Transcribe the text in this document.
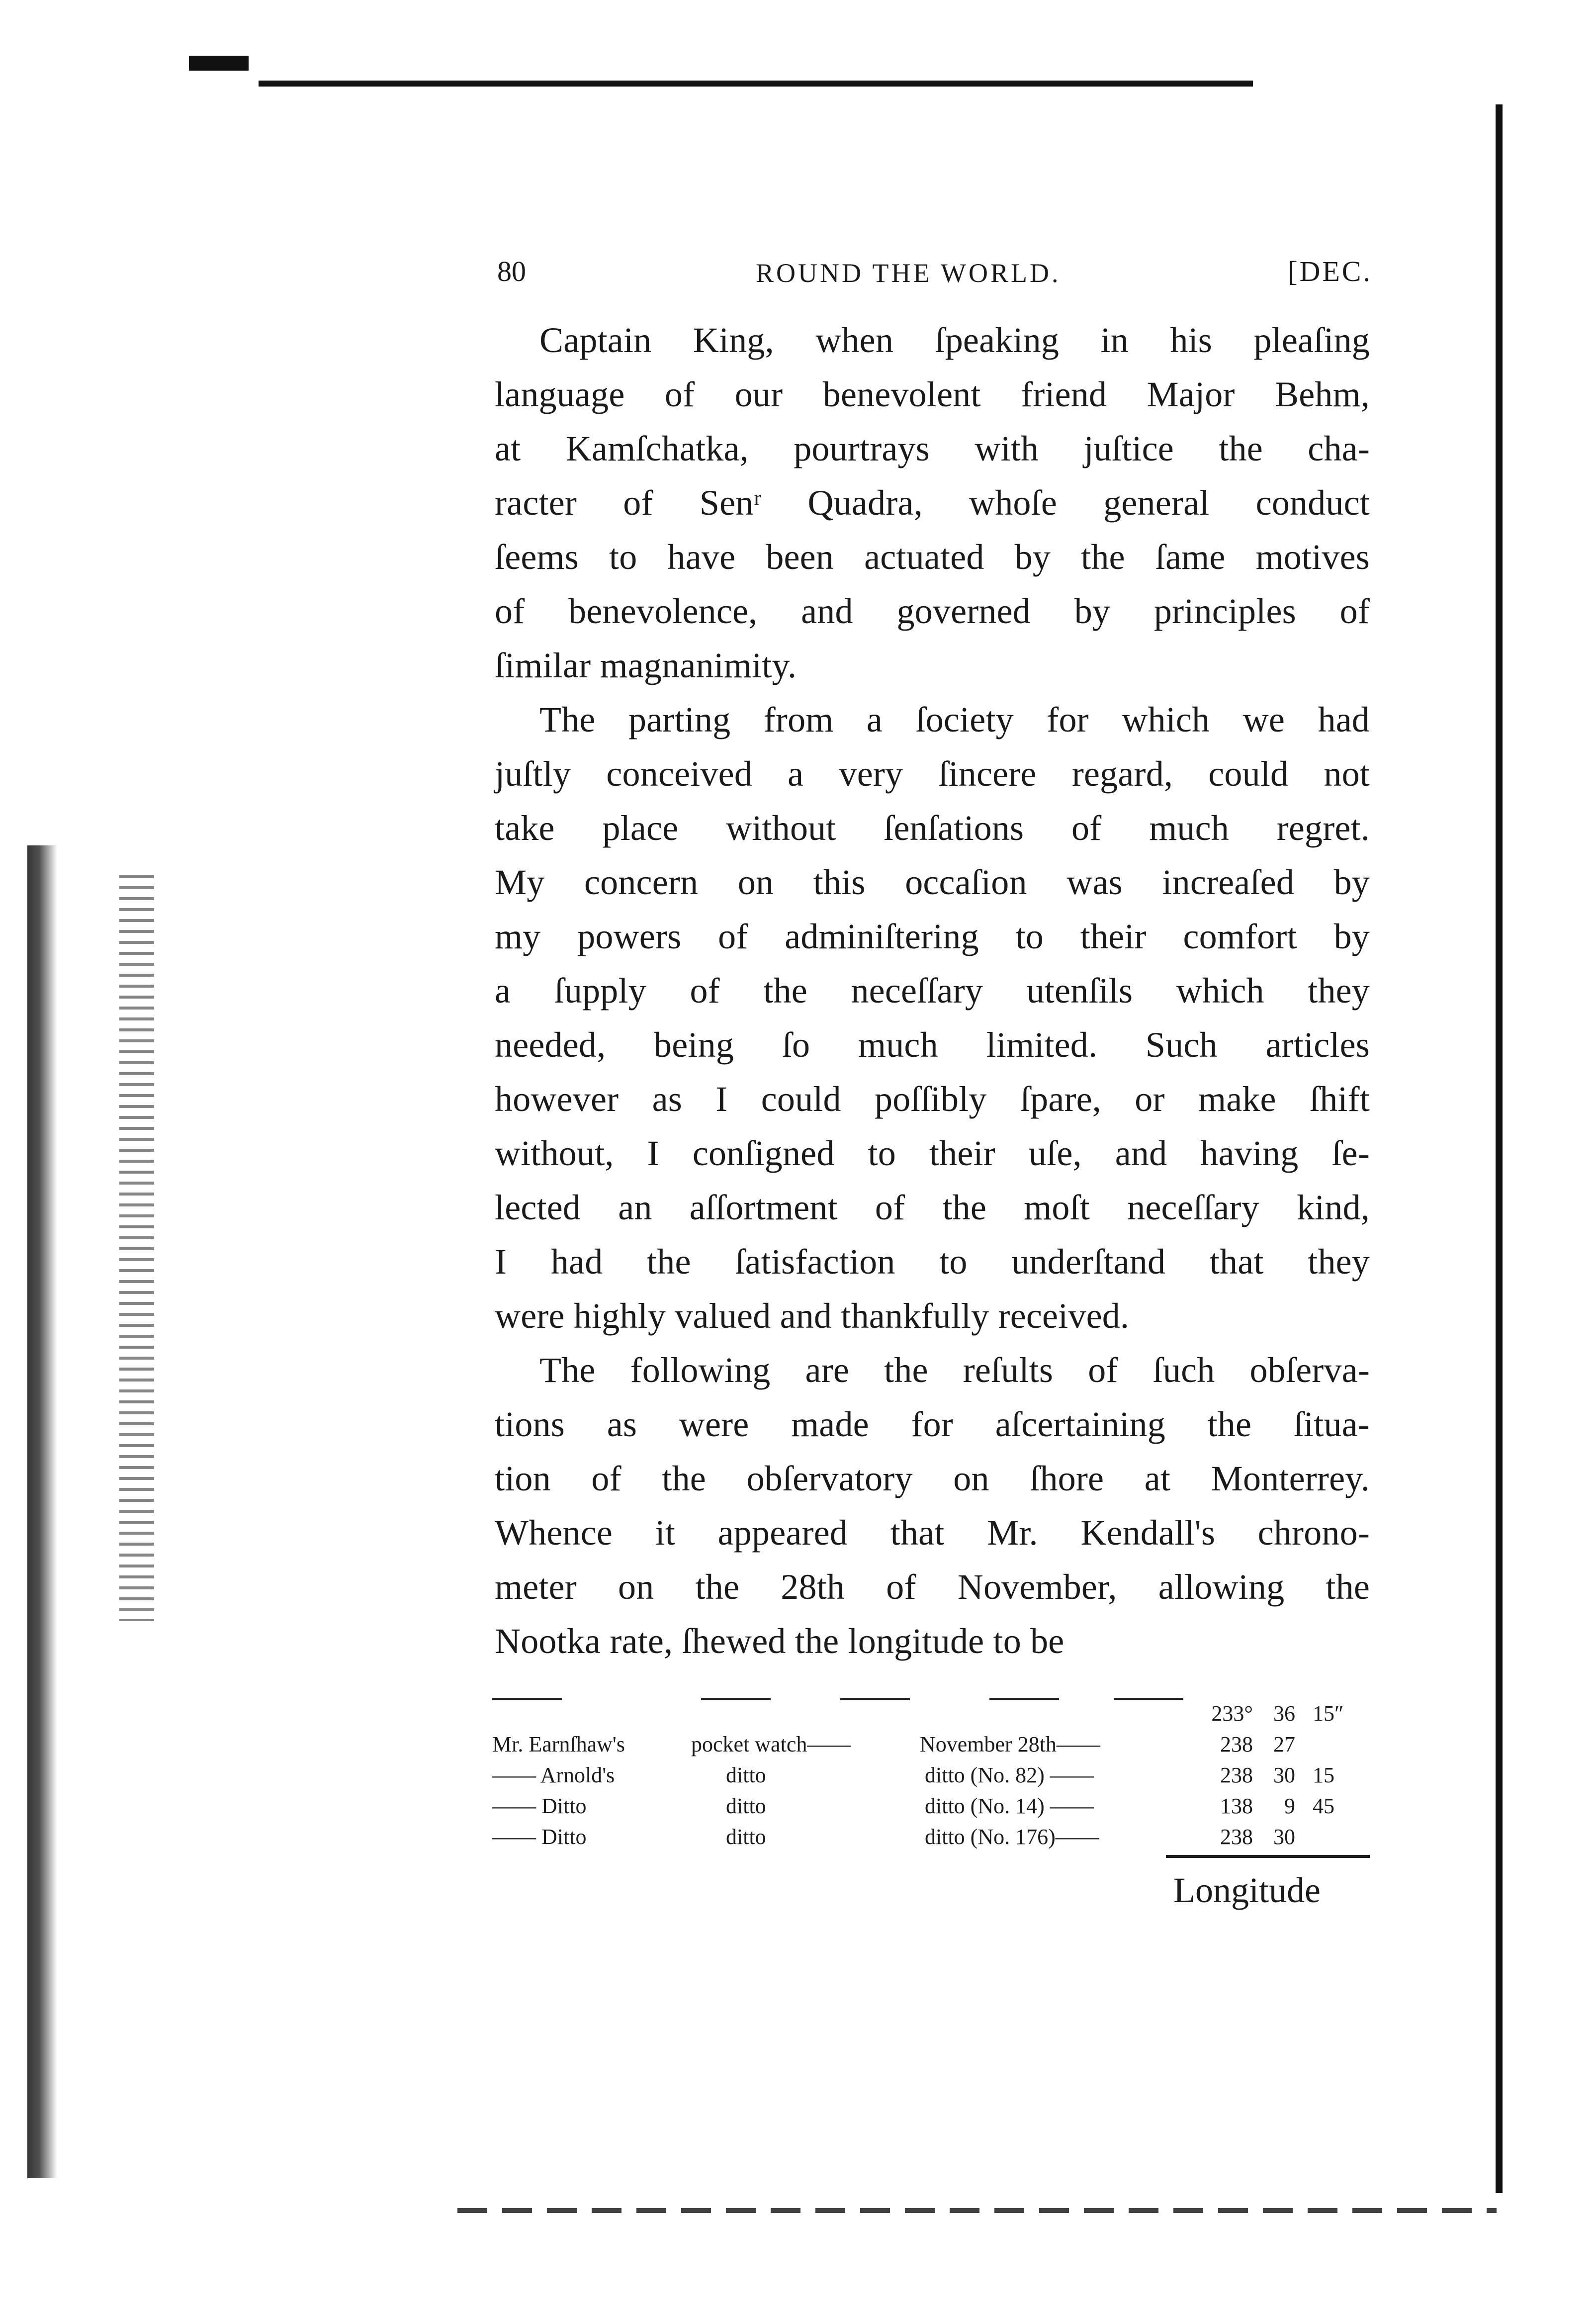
80	ROUND THE WORLD.	[DEC.
Captain King, when ſpeaking in his pleaſing
language of our benevolent friend Major Behm,
at Kamſchatka, pourtrays with juſtice the cha-
racter of Senʳ Quadra, whoſe general conduct
ſeems to have been actuated by the ſame motives
of benevolence, and governed by principles of
ſimilar magnanimity.
The parting from a ſociety for which we had
juſtly conceived a very ſincere regard, could not
take place without ſenſations of much regret.
My concern on this occaſion was increaſed by
my powers of adminiſtering to their comfort by
a ſupply of the neceſſary utenſils which they
needed, being ſo much limited. Such articles
however as I could poſſibly ſpare, or make ſhift
without, I conſigned to their uſe, and having ſe-
lected an aſſortment of the moſt neceſſary kind,
I had the ſatisfaction to underſtand that they
were highly valued and thankfully received.
The following are the reſults of ſuch obſerva-
tions as were made for aſcertaining the ſitua-
tion of the obſervatory on ſhore at Monterrey.
Whence it appeared that Mr. Kendall's chrono-
meter on the 28th of November, allowing the
Nootka rate, ſhewed the longitude to be
233° 36 15″
Mr. Earnſhaw's	pocket watch——	November 28th——	238 27
—— Arnold's	ditto	ditto (No. 82) ——	238 30 15
—— Ditto	ditto	ditto (No. 14) ——	138	9 45
—— Ditto	ditto	ditto (No. 176)——	238 30
Longitude
